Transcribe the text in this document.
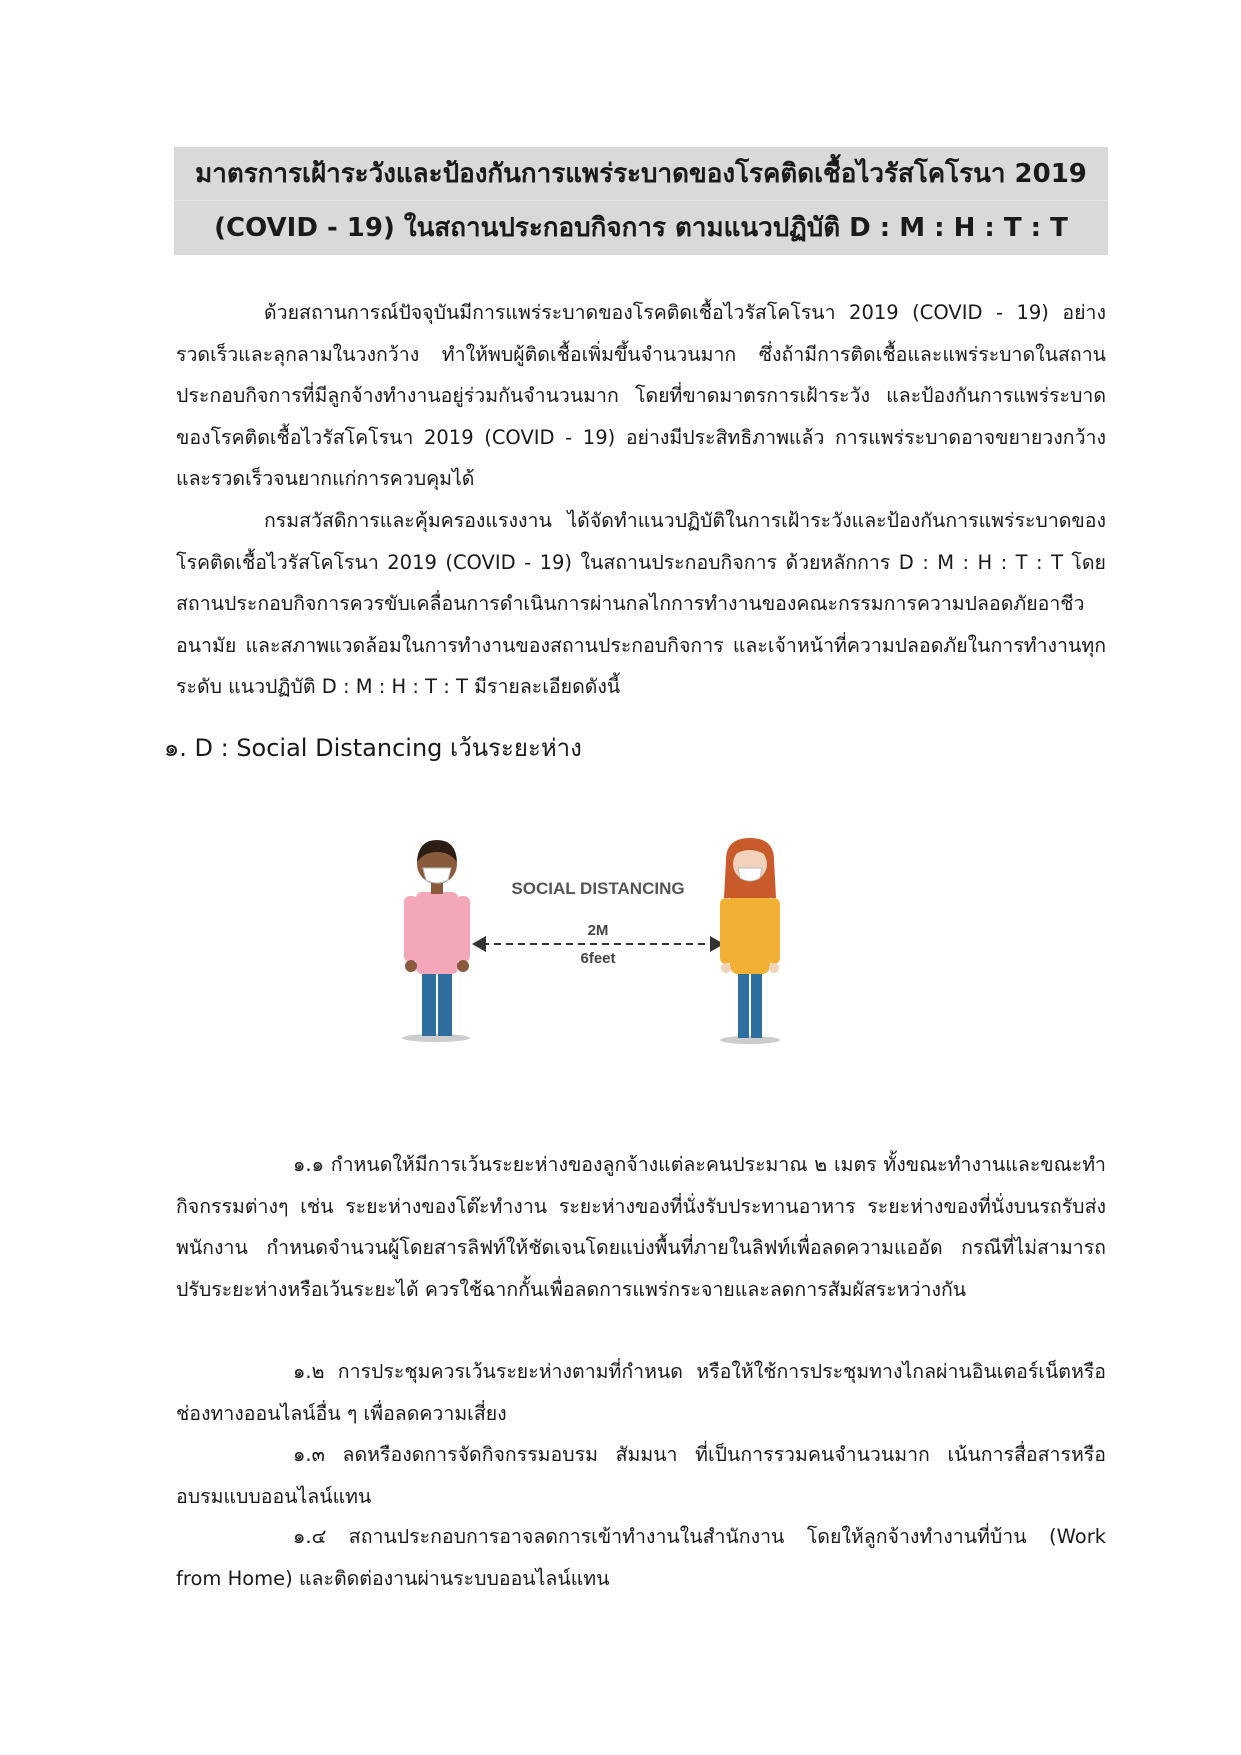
มาตรการเฝ้าระวังและป้องกันการแพร่ระบาดของโรคติดเชื้อไวรัสโคโรนา 2019
(COVID - 19) ในสถานประกอบกิจการ ตามแนวปฏิบัติ D : M : H : T : T

ด้วยสถานการณ์ปัจจุบันมีการแพร่ระบาดของโรคติดเชื้อไวรัสโคโรนา 2019 (COVID - 19) อย่างรวดเร็วและลุกลามในวงกว้าง ทำให้พบผู้ติดเชื้อเพิ่มขึ้นจำนวนมาก ซึ่งถ้ามีการติดเชื้อและแพร่ระบาดในสถานประกอบกิจการที่มีลูกจ้างทำงานอยู่ร่วมกันจำนวนมาก โดยที่ขาดมาตรการเฝ้าระวัง และป้องกันการแพร่ระบาดของโรคติดเชื้อไวรัสโคโรนา 2019 (COVID - 19) อย่างมีประสิทธิภาพแล้ว การแพร่ระบาดอาจขยายวงกว้างและรวดเร็วจนยากแก่การควบคุมได้

กรมสวัสดิการและคุ้มครองแรงงาน ได้จัดทำแนวปฏิบัติในการเฝ้าระวังและป้องกันการแพร่ระบาดของโรคติดเชื้อไวรัสโคโรนา 2019 (COVID - 19) ในสถานประกอบกิจการ ด้วยหลักการ D : M : H : T : T โดยสถานประกอบกิจการควรขับเคลื่อนการดำเนินการผ่านกลไกการทำงานของคณะกรรมการความปลอดภัยอาชีวอนามัย และสภาพแวดล้อมในการทำงานของสถานประกอบกิจการ และเจ้าหน้าที่ความปลอดภัยในการทำงานทุกระดับ แนวปฏิบัติ D : M : H : T : T มีรายละเอียดดังนี้

๑. D : Social Distancing เว้นระยะห่าง
SOCIAL DISTANCING
2M
6feet

๑.๑ กำหนดให้มีการเว้นระยะห่างของลูกจ้างแต่ละคนประมาณ ๒ เมตร ทั้งขณะทำงานและขณะทำกิจกรรมต่างๆ เช่น ระยะห่างของโต๊ะทำงาน ระยะห่างของที่นั่งรับประทานอาหาร ระยะห่างของที่นั่งบนรถรับส่งพนักงาน กำหนดจำนวนผู้โดยสารลิฟท์ให้ชัดเจนโดยแบ่งพื้นที่ภายในลิฟท์เพื่อลดความแออัด กรณีที่ไม่สามารถปรับระยะห่างหรือเว้นระยะได้ ควรใช้ฉากกั้นเพื่อลดการแพร่กระจายและลดการสัมผัสระหว่างกัน

๑.๒ การประชุมควรเว้นระยะห่างตามที่กำหนด หรือให้ใช้การประชุมทางไกลผ่านอินเตอร์เน็ตหรือช่องทางออนไลน์อื่น ๆ เพื่อลดความเสี่ยง

๑.๓ ลดหรืองดการจัดกิจกรรมอบรม สัมมนา ที่เป็นการรวมคนจำนวนมาก เน้นการสื่อสารหรืออบรมแบบออนไลน์แทน

๑.๔ สถานประกอบการอาจลดการเข้าทำงานในสำนักงาน โดยให้ลูกจ้างทำงานที่บ้าน (Work from Home) และติดต่องานผ่านระบบออนไลน์แทน
